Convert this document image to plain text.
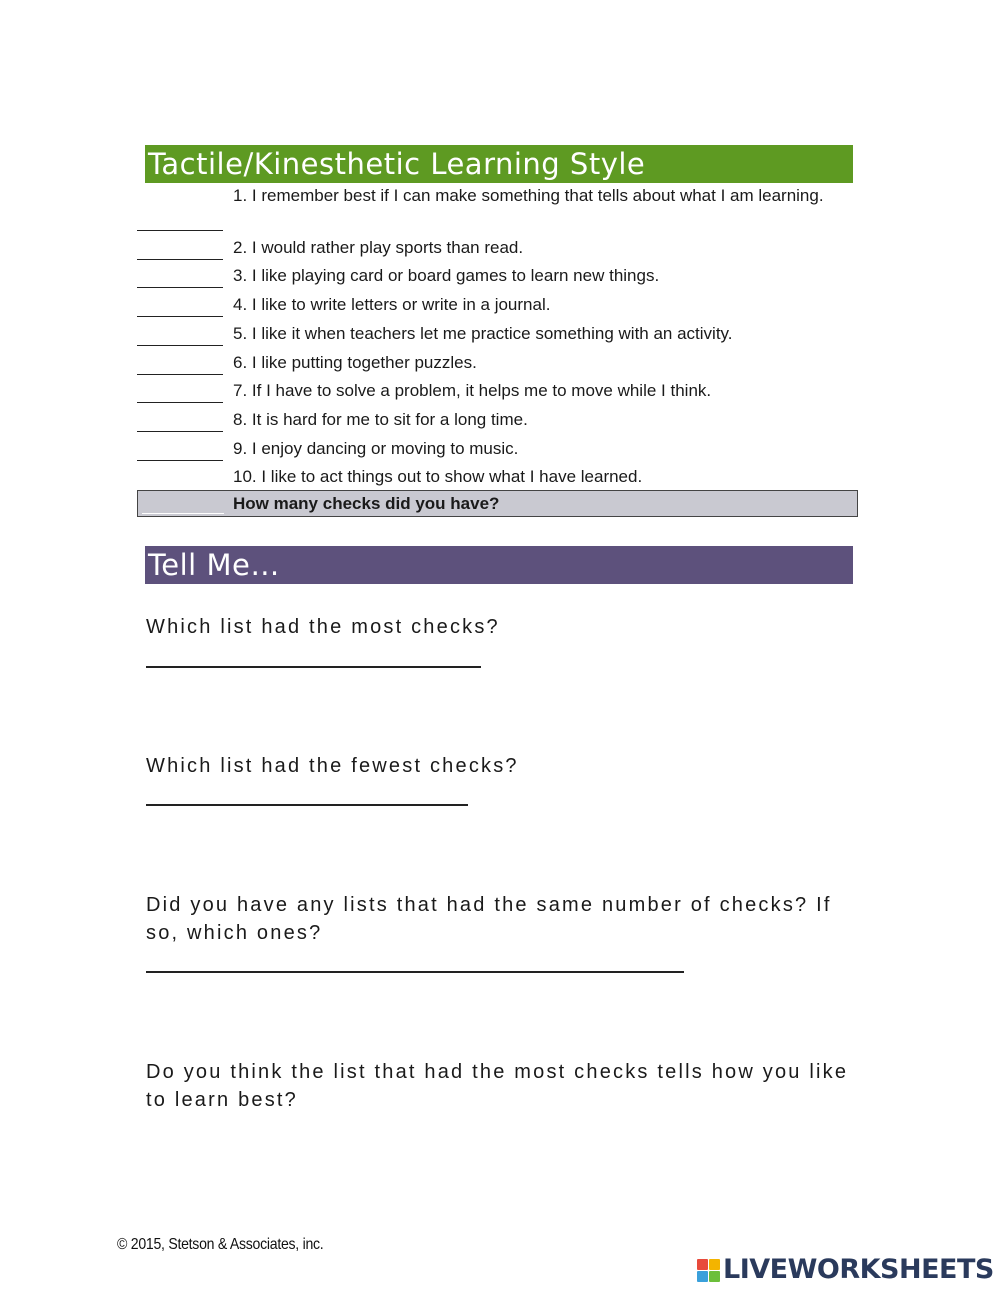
Tactile/Kinesthetic Learning Style
1. I remember best if I can make something that tells about what I am learning.
2. I would rather play sports than read.
3. I like playing card or board games to learn new things.
4. I like to write letters or write in a journal.
5. I like it when teachers let me practice something with an activity.
6. I like putting together puzzles.
7. If I have to solve a problem, it helps me to move while I think.
8. It is hard for me to sit for a long time.
9. I enjoy dancing or moving to music.
10. I like to act things out to show what I have learned.
How many checks did you have?
Tell Me…
Which list had the most checks?
Which list had the fewest checks?
Did you have any lists that had the same number of checks? If so, which ones?
Do you think the list that had the most checks tells how you like to learn best?
© 2015, Stetson & Associates, inc.
LIVEWORKSHEETS
